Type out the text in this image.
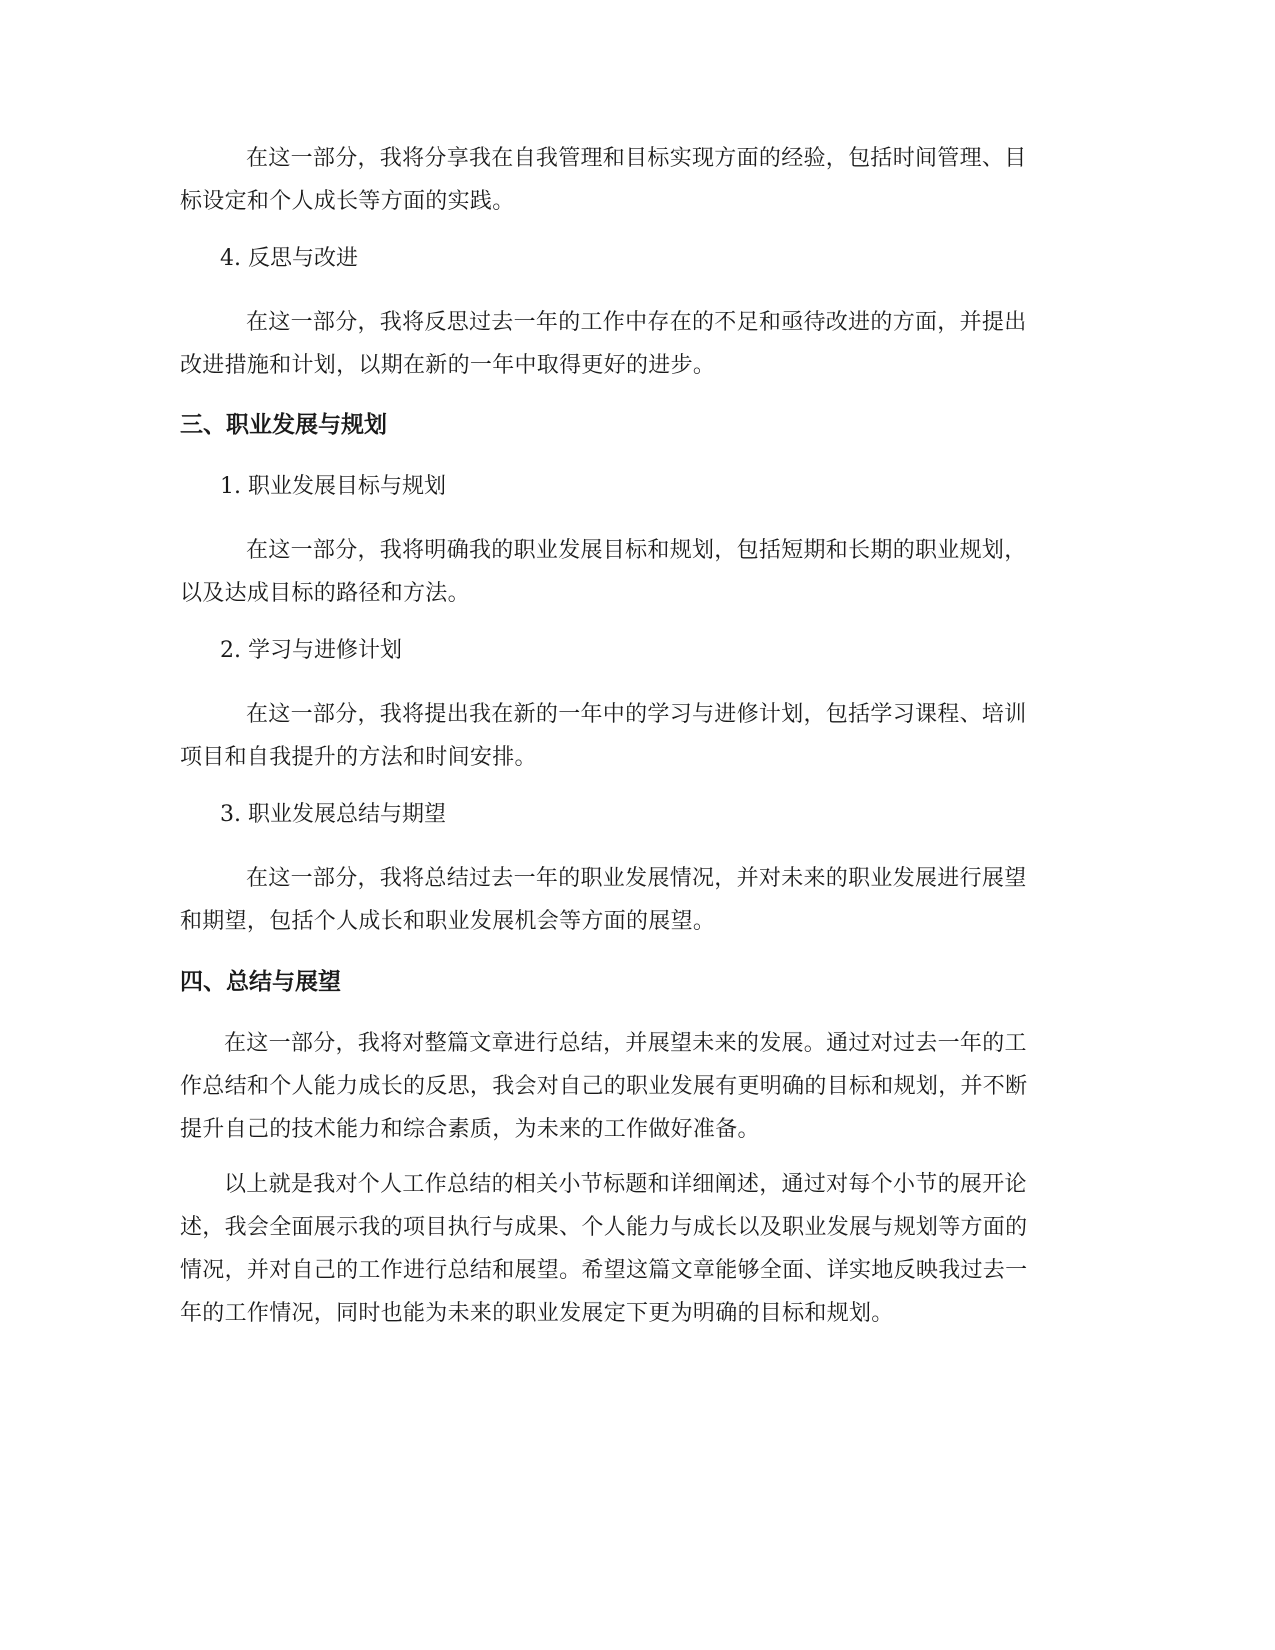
在这一部分，我将分享我在自我管理和目标实现方面的经验，包括时间管理、目标设定和个人成长等方面的实践。

4. 反思与改进

在这一部分，我将反思过去一年的工作中存在的不足和亟待改进的方面，并提出改进措施和计划，以期在新的一年中取得更好的进步。

三、职业发展与规划

1. 职业发展目标与规划

在这一部分，我将明确我的职业发展目标和规划，包括短期和长期的职业规划，以及达成目标的路径和方法。

2. 学习与进修计划

在这一部分，我将提出我在新的一年中的学习与进修计划，包括学习课程、培训项目和自我提升的方法和时间安排。

3. 职业发展总结与期望

在这一部分，我将总结过去一年的职业发展情况，并对未来的职业发展进行展望和期望，包括个人成长和职业发展机会等方面的展望。

四、总结与展望

在这一部分，我将对整篇文章进行总结，并展望未来的发展。通过对过去一年的工作总结和个人能力成长的反思，我会对自己的职业发展有更明确的目标和规划，并不断提升自己的技术能力和综合素质，为未来的工作做好准备。

以上就是我对个人工作总结的相关小节标题和详细阐述，通过对每个小节的展开论述，我会全面展示我的项目执行与成果、个人能力与成长以及职业发展与规划等方面的情况，并对自己的工作进行总结和展望。希望这篇文章能够全面、详实地反映我过去一年的工作情况，同时也能为未来的职业发展定下更为明确的目标和规划。
